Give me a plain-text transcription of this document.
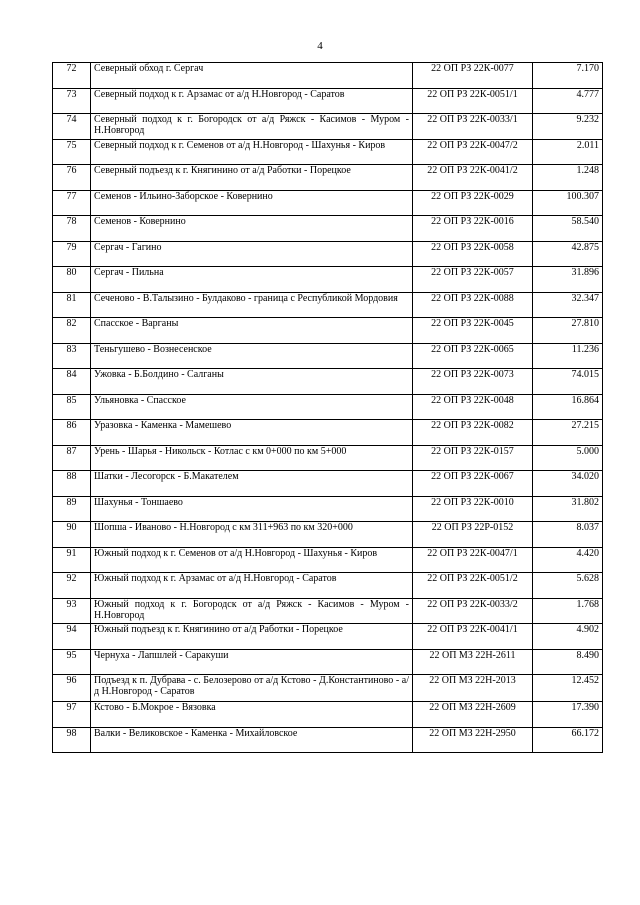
4
72	Северный обход г. Сергач	22 ОП РЗ 22К-0077	7.170
73	Северный подход к г. Арзамас от а/д Н.Новгород - Саратов	22 ОП РЗ 22К-0051/1	4.777
74	Северный подход к г. Богородск от а/д Ряжск - Касимов - Муром - Н.Новгород	22 ОП РЗ 22К-0033/1	9.232
75	Северный подход к г. Семенов от а/д Н.Новгород - Шахунья - Киров	22 ОП РЗ 22К-0047/2	2.011
76	Северный подъезд к г. Княгинино от а/д Работки - Порецкое	22 ОП РЗ 22К-0041/2	1.248
77	Семенов - Ильино-Заборское - Ковернино	22 ОП РЗ 22К-0029	100.307
78	Семенов - Ковернино	22 ОП РЗ 22К-0016	58.540
79	Сергач - Гагино	22 ОП РЗ 22К-0058	42.875
80	Сергач - Пильна	22 ОП РЗ 22К-0057	31.896
81	Сеченово - В.Талызино - Булдаково - граница с Республикой Мордовия	22 ОП РЗ 22К-0088	32.347
82	Спасское - Варганы	22 ОП РЗ 22К-0045	27.810
83	Теньгушево - Вознесенское	22 ОП РЗ 22К-0065	11.236
84	Ужовка - Б.Болдино - Салганы	22 ОП РЗ 22К-0073	74.015
85	Ульяновка - Спасское	22 ОП РЗ 22К-0048	16.864
86	Уразовка - Каменка - Мамешево	22 ОП РЗ 22К-0082	27.215
87	Урень - Шарья - Никольск - Котлас с км 0+000 по км 5+000	22 ОП РЗ 22К-0157	5.000
88	Шатки - Лесогорск - Б.Макателем	22 ОП РЗ 22К-0067	34.020
89	Шахунья - Тоншаево	22 ОП РЗ 22К-0010	31.802
90	Шопша - Иваново - Н.Новгород с км 311+963 по км 320+000	22 ОП РЗ 22Р-0152	8.037
91	Южный подход к г. Семенов от а/д Н.Новгород - Шахунья - Киров	22 ОП РЗ 22К-0047/1	4.420
92	Южный подход к г. Арзамас от а/д Н.Новгород - Саратов	22 ОП РЗ 22К-0051/2	5.628
93	Южный подход к г. Богородск от а/д Ряжск - Касимов - Муром - Н.Новгород	22 ОП РЗ 22К-0033/2	1.768
94	Южный подъезд к г. Княгинино от а/д Работки - Порецкое	22 ОП РЗ 22К-0041/1	4.902
95	Чернуха - Лапшлей - Саракуши	22 ОП МЗ 22Н-2611	8.490
96	Подъезд к п. Дубрава - с. Белозерово от а/д Кстово - Д.Константиново - а/д Н.Новгород - Саратов	22 ОП МЗ 22Н-2013	12.452
97	Кстово - Б.Мокрое - Вязовка	22 ОП МЗ 22Н-2609	17.390
98	Валки - Великовское - Каменка - Михайловское	22 ОП МЗ 22Н-2950	66.172
